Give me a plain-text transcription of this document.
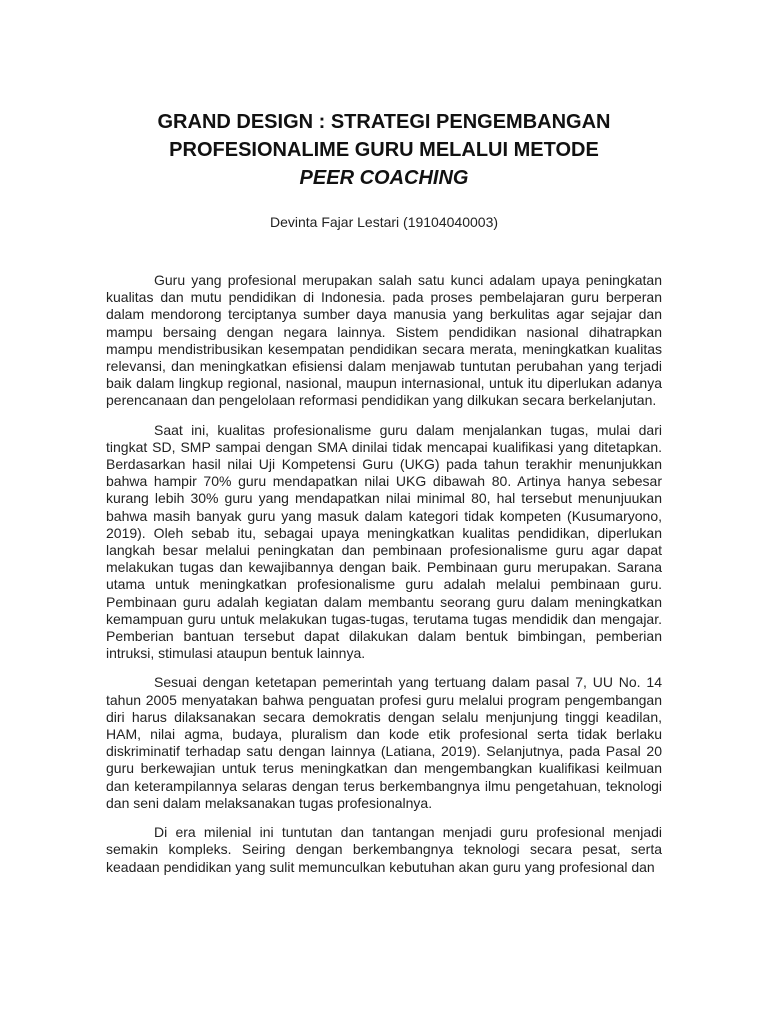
GRAND DESIGN : STRATEGI PENGEMBANGAN
PROFESIONALIME GURU MELALUI METODE

PEER COACHING

Devinta Fajar Lestari (19104040003)

Guru yang profesional merupakan salah satu kunci adalam upaya peningkatan kualitas dan mutu pendidikan di Indonesia. pada proses pembelajaran guru berperan dalam mendorong terciptanya sumber daya manusia yang berkulitas agar sejajar dan mampu bersaing dengan negara lainnya. Sistem pendidikan nasional dihatrapkan mampu mendistribusikan kesempatan pendidikan secara merata, meningkatkan kualitas relevansi, dan meningkatkan efisiensi dalam menjawab tuntutan perubahan yang terjadi baik dalam lingkup regional, nasional, maupun internasional, untuk itu diperlukan adanya perencanaan dan pengelolaan reformasi pendidikan yang dilkukan secara berkelanjutan.

Saat ini, kualitas profesionalisme guru dalam menjalankan tugas, mulai dari tingkat SD, SMP sampai dengan SMA dinilai tidak mencapai kualifikasi yang ditetapkan. Berdasarkan hasil nilai Uji Kompetensi Guru (UKG) pada tahun terakhir menunjukkan bahwa hampir 70% guru mendapatkan nilai UKG dibawah 80. Artinya hanya sebesar kurang lebih 30% guru yang mendapatkan nilai minimal 80, hal tersebut menunjuukan bahwa masih banyak guru yang masuk dalam kategori tidak kompeten (Kusumaryono, 2019). Oleh sebab itu, sebagai upaya meningkatkan kualitas pendidikan, diperlukan langkah besar melalui peningkatan dan pembinaan profesionalisme guru agar dapat melakukan tugas dan kewajibannya dengan baik. Pembinaan guru merupakan. Sarana utama untuk meningkatkan profesionalisme guru adalah melalui pembinaan guru. Pembinaan guru adalah kegiatan dalam membantu seorang guru dalam meningkatkan kemampuan guru untuk melakukan tugas-tugas, terutama tugas mendidik dan mengajar. Pemberian bantuan tersebut dapat dilakukan dalam bentuk bimbingan, pemberian intruksi, stimulasi ataupun bentuk lainnya.

Sesuai dengan ketetapan pemerintah yang tertuang dalam pasal 7, UU No. 14 tahun 2005 menyatakan bahwa penguatan profesi guru melalui program pengembangan diri harus dilaksanakan secara demokratis dengan selalu menjunjung tinggi keadilan, HAM, nilai agma, budaya, pluralism dan kode etik profesional serta tidak berlaku diskriminatif terhadap satu dengan lainnya (Latiana, 2019). Selanjutnya, pada Pasal 20 guru berkewajian untuk terus meningkatkan dan mengembangkan kualifikasi keilmuan dan keterampilannya selaras dengan terus berkembangnya ilmu pengetahuan, teknologi dan seni dalam melaksanakan tugas profesionalnya.

Di era milenial ini tuntutan dan tantangan menjadi guru profesional menjadi semakin kompleks. Seiring dengan berkembangnya teknologi secara pesat, serta keadaan pendidikan yang sulit memunculkan kebutuhan akan guru yang profesional dan
